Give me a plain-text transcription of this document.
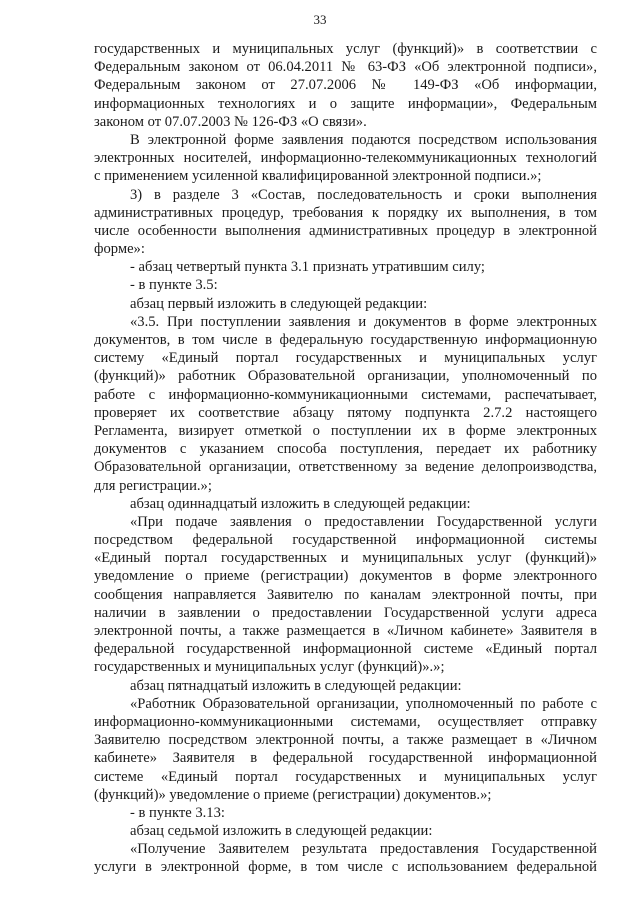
33
государственных и муниципальных услуг (функций)» в соответствии с
Федеральным законом от 06.04.2011 № 63-ФЗ «Об электронной подписи»,
Федеральным законом от 27.07.2006 № 149-ФЗ «Об информации,
информационных технологиях и о защите информации», Федеральным
законом от 07.07.2003 № 126-ФЗ «О связи».
В электронной форме заявления подаются посредством использования
электронных носителей, информационно-телекоммуникационных технологий
с применением усиленной квалифицированной электронной подписи.»;
3) в разделе 3 «Состав, последовательность и сроки выполнения
административных процедур, требования к порядку их выполнения, в том
числе особенности выполнения административных процедур в электронной
форме»:
- абзац четвертый пункта 3.1 признать утратившим силу;
- в пункте 3.5:
абзац первый изложить в следующей редакции:
«3.5. При поступлении заявления и документов в форме электронных
документов, в том числе в федеральную государственную информационную
систему «Единый портал государственных и муниципальных услуг
(функций)» работник Образовательной организации, уполномоченный по
работе с информационно-коммуникационными системами, распечатывает,
проверяет их соответствие абзацу пятому подпункта 2.7.2 настоящего
Регламента, визирует отметкой о поступлении их в форме электронных
документов с указанием способа поступления, передает их работнику
Образовательной организации, ответственному за ведение делопроизводства,
для регистрации.»;
абзац одиннадцатый изложить в следующей редакции:
«При подаче заявления о предоставлении Государственной услуги
посредством федеральной государственной информационной системы
«Единый портал государственных и муниципальных услуг (функций)»
уведомление о приеме (регистрации) документов в форме электронного
сообщения направляется Заявителю по каналам электронной почты, при
наличии в заявлении о предоставлении Государственной услуги адреса
электронной почты, а также размещается в «Личном кабинете» Заявителя в
федеральной государственной информационной системе «Единый портал
государственных и муниципальных услуг (функций)».»;
абзац пятнадцатый изложить в следующей редакции:
«Работник Образовательной организации, уполномоченный по работе с
информационно-коммуникационными системами, осуществляет отправку
Заявителю посредством электронной почты, а также размещает в «Личном
кабинете» Заявителя в федеральной государственной информационной
системе «Единый портал государственных и муниципальных услуг
(функций)» уведомление о приеме (регистрации) документов.»;
- в пункте 3.13:
абзац седьмой изложить в следующей редакции:
«Получение Заявителем результата предоставления Государственной
услуги в электронной форме, в том числе с использованием федеральной
